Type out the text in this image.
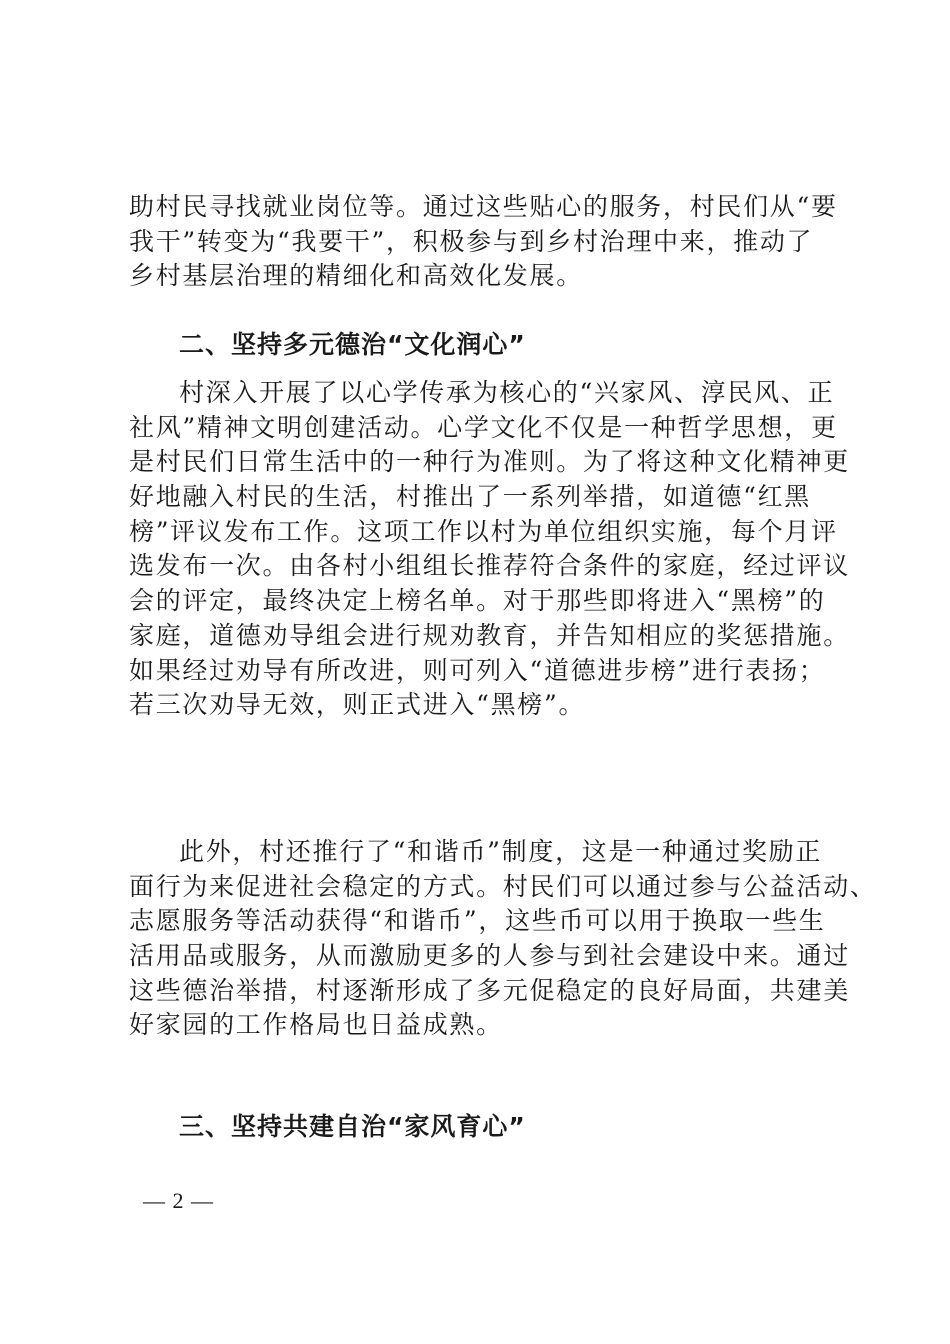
助村民寻找就业岗位等。通过这些贴心的服务，村民们从“要
我干”转变为“我要干”，积极参与到乡村治理中来，推动了
乡村基层治理的精细化和高效化发展。
二、坚持多元德治“文化润心”
村深入开展了以心学传承为核心的“兴家风、淳民风、正
社风”精神文明创建活动。心学文化不仅是一种哲学思想，更
是村民们日常生活中的一种行为准则。为了将这种文化精神更
好地融入村民的生活，村推出了一系列举措，如道德“红黑
榜”评议发布工作。这项工作以村为单位组织实施，每个月评
选发布一次。由各村小组组长推荐符合条件的家庭，经过评议
会的评定，最终决定上榜名单。对于那些即将进入“黑榜”的
家庭，道德劝导组会进行规劝教育，并告知相应的奖惩措施。
如果经过劝导有所改进，则可列入“道德进步榜”进行表扬；
若三次劝导无效，则正式进入“黑榜”。
此外，村还推行了“和谐币”制度，这是一种通过奖励正
面行为来促进社会稳定的方式。村民们可以通过参与公益活动、
志愿服务等活动获得“和谐币”，这些币可以用于换取一些生
活用品或服务，从而激励更多的人参与到社会建设中来。通过
这些德治举措，村逐渐形成了多元促稳定的良好局面，共建美
好家园的工作格局也日益成熟。
三、坚持共建自治“家风育心”
— 2 —
